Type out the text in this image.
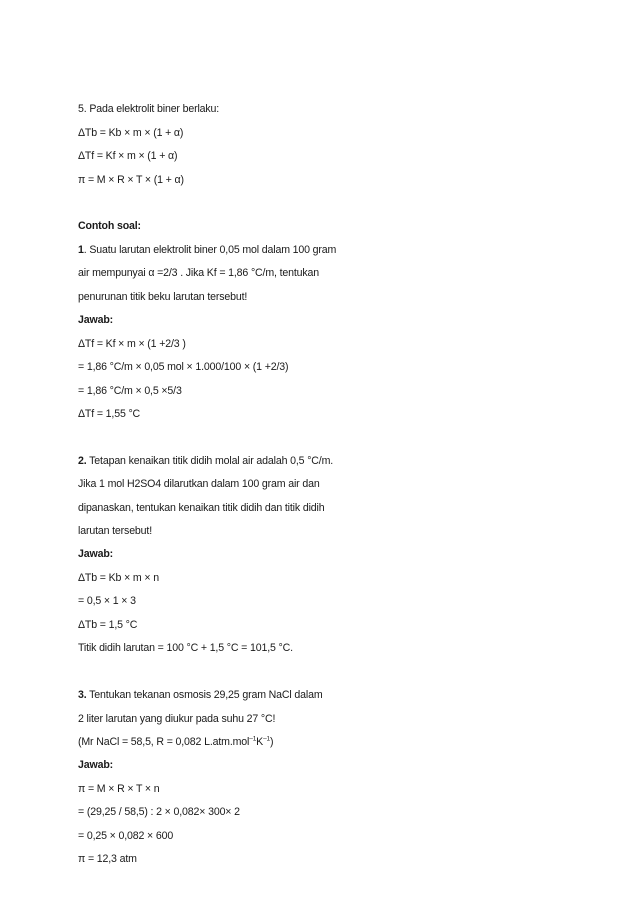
5. Pada elektrolit biner berlaku:
ΔTb = Kb × m × (1 + α)
ΔTf = Kf × m × (1 + α)
π = M × R × T × (1 + α)
Contoh soal:
1. Suatu larutan elektrolit biner 0,05 mol dalam 100 gram
air mempunyai α =2/3 . Jika Kf = 1,86 °C/m, tentukan
penurunan titik beku larutan tersebut!
Jawab:
ΔTf = Kf × m × (1 +2/3 )
= 1,86 °C/m × 0,05 mol × 1.000/100 × (1 +2/3)
= 1,86 °C/m × 0,5 ×5/3
ΔTf = 1,55 °C
2. Tetapan kenaikan titik didih molal air adalah 0,5 °C/m.
Jika 1 mol H2SO4 dilarutkan dalam 100 gram air dan
dipanaskan, tentukan kenaikan titik didih dan titik didih
larutan tersebut!
Jawab:
ΔTb = Kb × m × n
= 0,5 × 1 × 3
ΔTb = 1,5 °C
Titik didih larutan = 100 °C + 1,5 °C = 101,5 °C.
3. Tentukan tekanan osmosis 29,25 gram NaCl dalam
2 liter larutan yang diukur pada suhu 27 °C!
(Mr NaCl = 58,5, R = 0,082 $L.atm.mol^{-1}K^{-1}$)
Jawab:
π = M × R × T × n
= (29,25 / 58,5) : 2 × 0,082× 300× 2
= 0,25 × 0,082 × 600
π = 12,3 atm
